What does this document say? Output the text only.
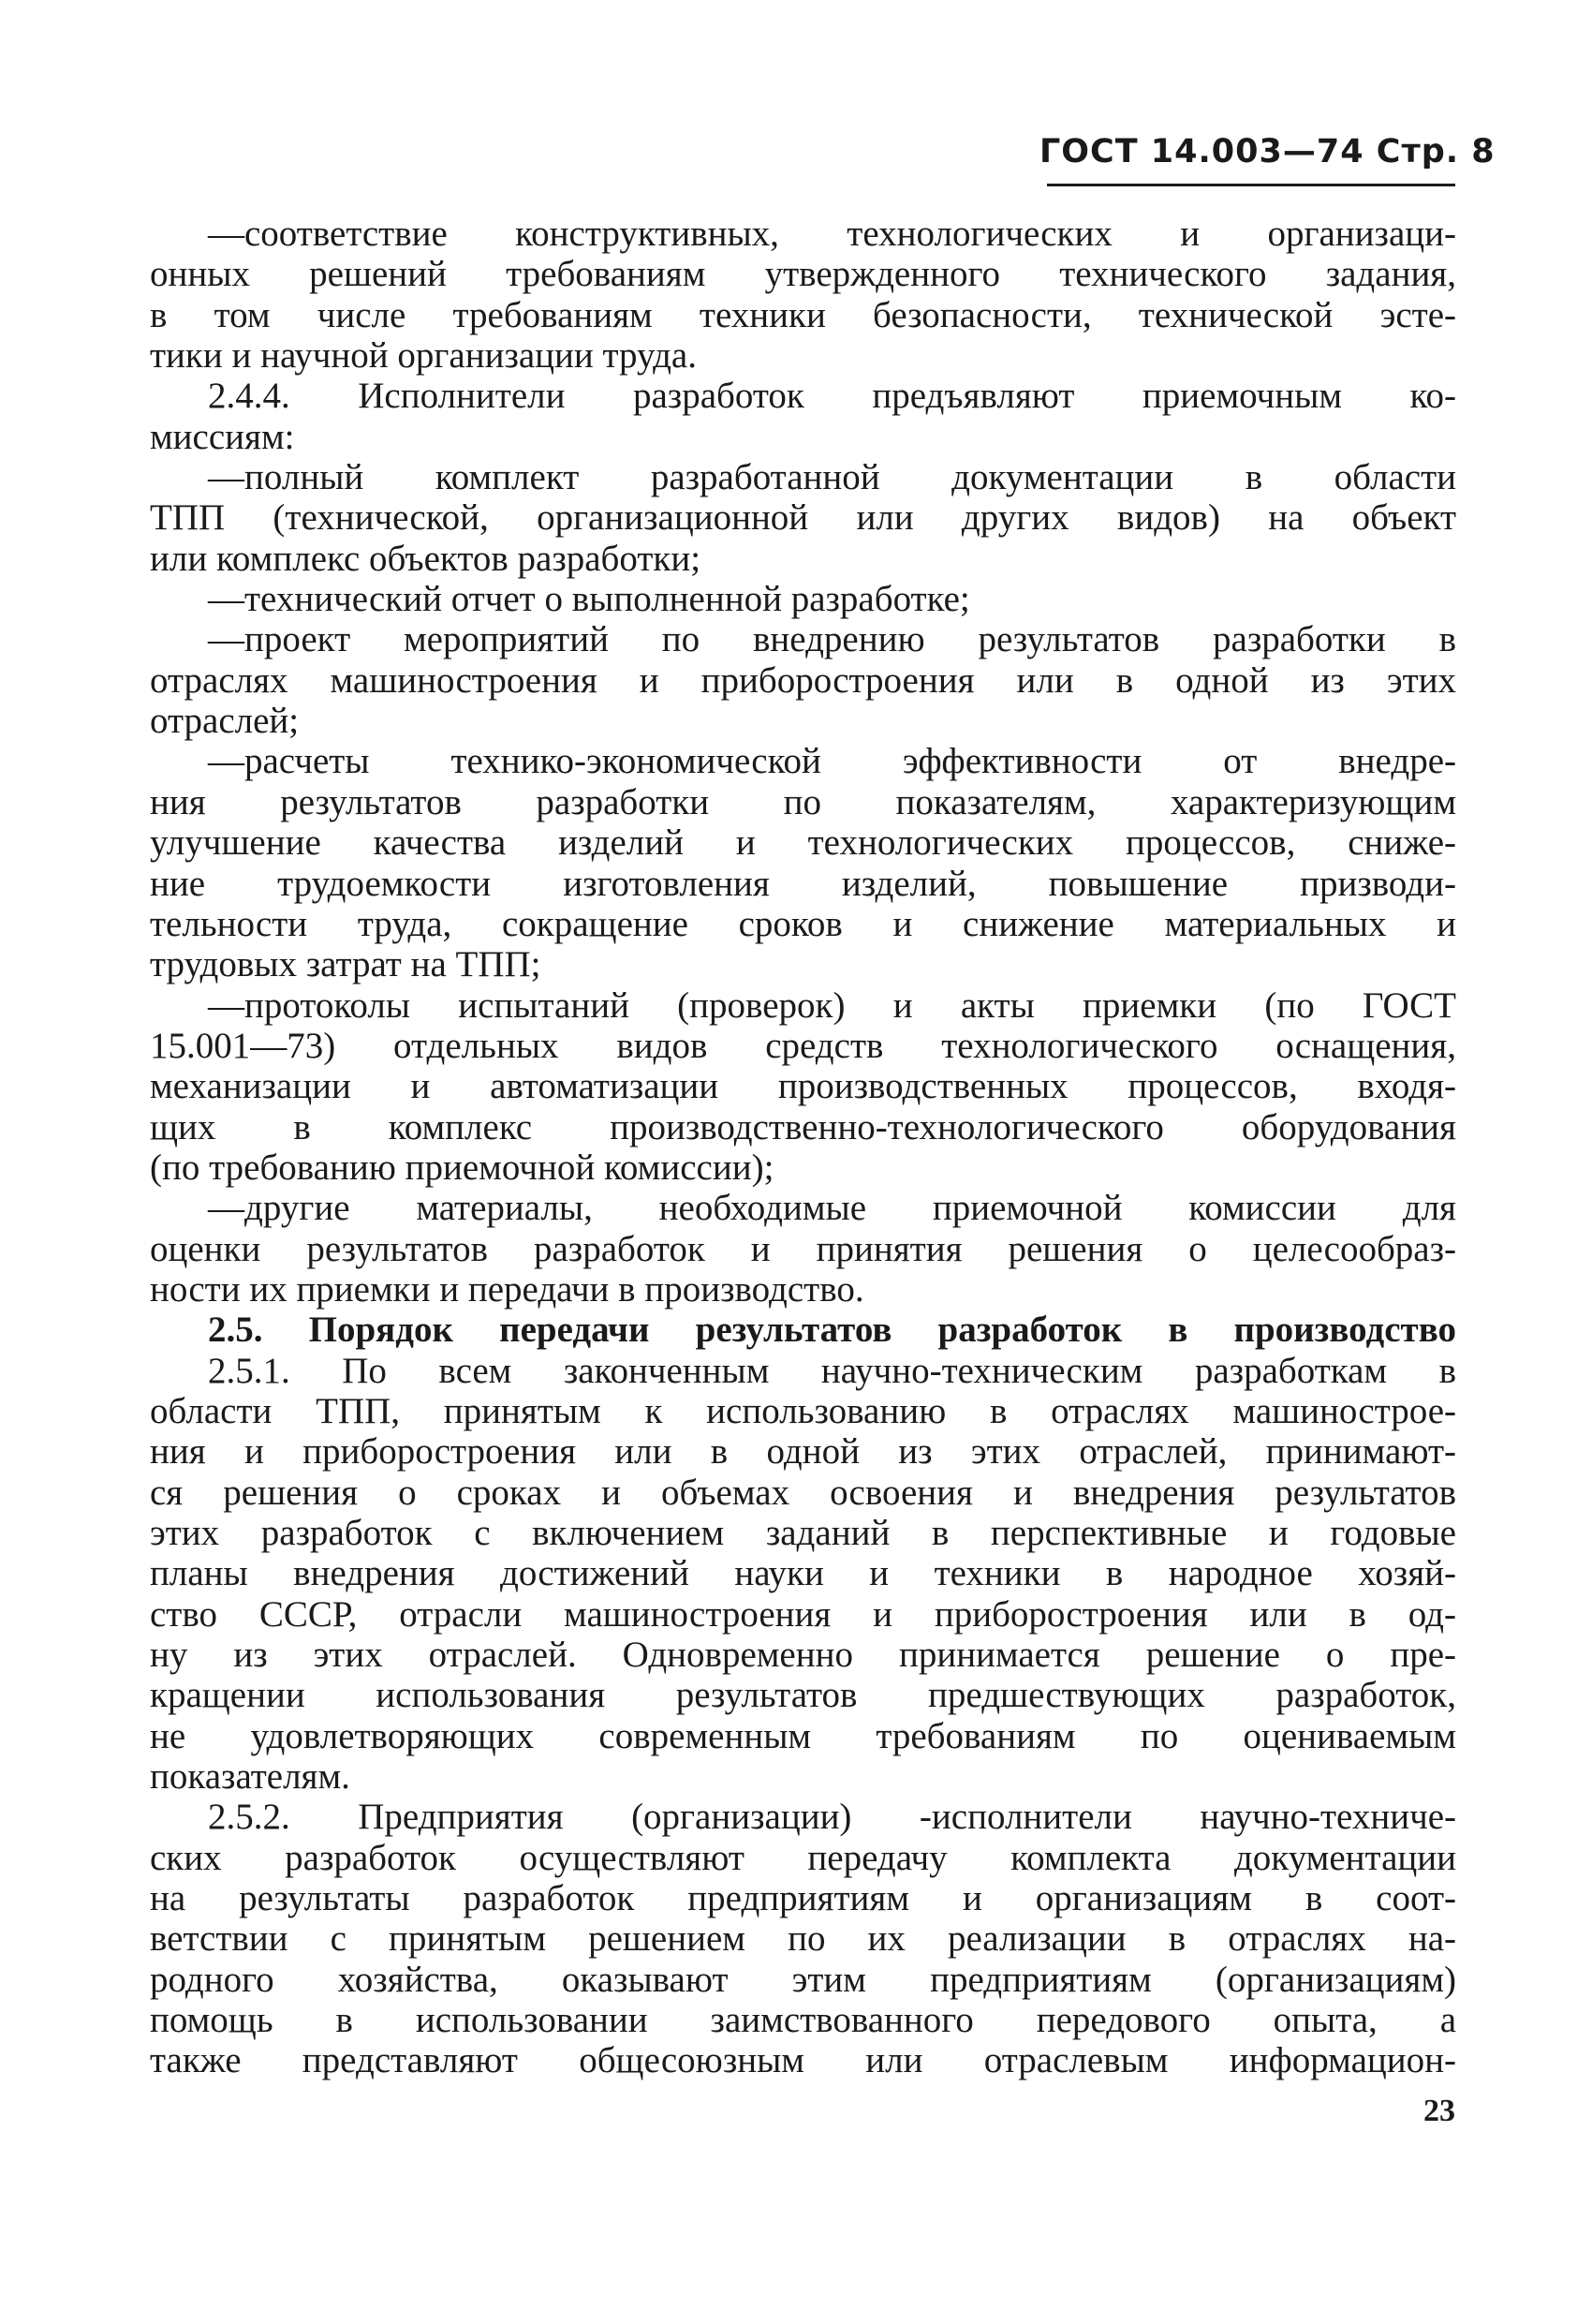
ГОСТ 14.003—74 Стр. 8
—соответствие конструктивных, технологических и организаци-
онных решений требованиям утвержденного технического задания,
в том числе требованиям техники безопасности, технической эсте-
тики и научной организации труда.
2.4.4. Исполнители разработок предъявляют приемочным ко-
миссиям:
—полный комплект разработанной документации в области
ТПП (технической, организационной или других видов) на объект
или комплекс объектов разработки;
—технический отчет о выполненной разработке;
—проект мероприятий по внедрению результатов разработки в
отраслях машиностроения и приборостроения или в одной из этих
отраслей;
—расчеты технико-экономической эффективности от внедре-
ния результатов разработки по показателям, характеризующим
улучшение качества изделий и технологических процессов, сниже-
ние трудоемкости изготовления изделий, повышение призводи-
тельности труда, сокращение сроков и снижение материальных и
трудовых затрат на ТПП;
—протоколы испытаний (проверок) и акты приемки (по ГОСТ
15.001—73) отдельных видов средств технологического оснащения,
механизации и автоматизации производственных процессов, входя-
щих в комплекс производственно-технологического оборудования
(по требованию приемочной комиссии);
—другие материалы, необходимые приемочной комиссии для
оценки результатов разработок и принятия решения о целесообраз-
ности их приемки и передачи в производство.
2.5. Порядок передачи результатов разработок в производство
2.5.1. По всем законченным научно-техническим разработкам в
области ТПП, принятым к использованию в отраслях машинострое-
ния и приборостроения или в одной из этих отраслей, принимают-
ся решения о сроках и объемах освоения и внедрения результатов
этих разработок с включением заданий в перспективные и годовые
планы внедрения достижений науки и техники в народное хозяй-
ство СССР, отрасли машиностроения и приборостроения или в од-
ну из этих отраслей. Одновременно принимается решение о пре-
кращении использования результатов предшествующих разработок,
не удовлетворяющих современным требованиям по оцениваемым
показателям.
2.5.2. Предприятия (организации) -исполнители научно-техниче-
ских разработок осуществляют передачу комплекта документации
на результаты разработок предприятиям и организациям в соот-
ветствии с принятым решением по их реализации в отраслях на-
родного хозяйства, оказывают этим предприятиям (организациям)
помощь в использовании заимствованного передового опыта, а
также представляют общесоюзным или отраслевым информацион-
23
